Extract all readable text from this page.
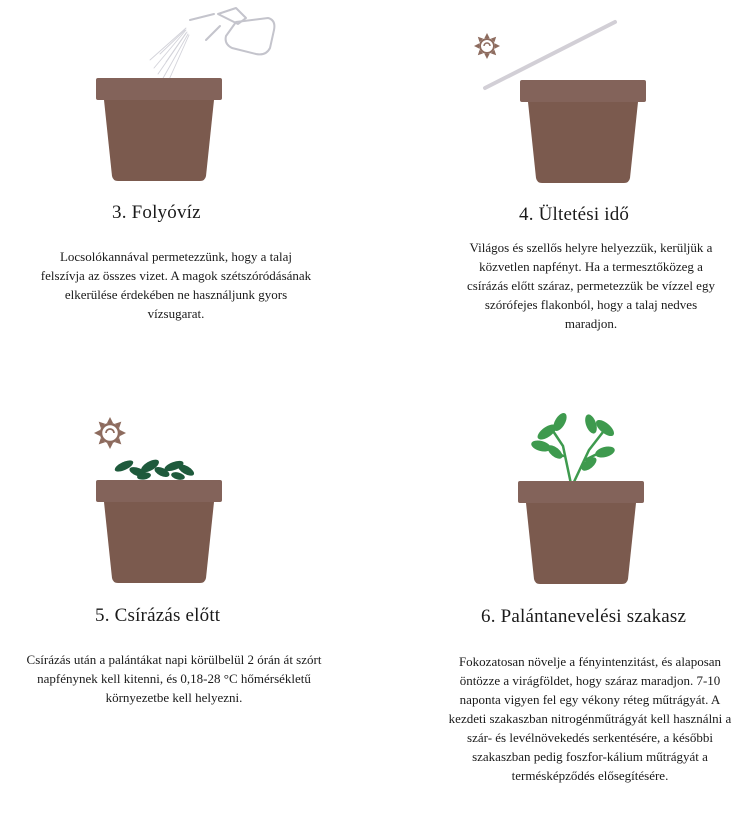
3. Folyóvíz

Locsolókannával permetezzünk, hogy a talaj felszívja az összes vizet. A magok szétszóródásának elkerülése érdekében ne használjunk gyors vízsugarat.

4. Ültetési idő

Világos és szellős helyre helyezzük, kerüljük a közvetlen napfényt. Ha a termesztőközeg a csírázás előtt száraz, permetezzük be vízzel egy szórófejes flakonból, hogy a talaj nedves maradjon.

5. Csírázás előtt

Csírázás után a palántákat napi körülbelül 2 órán át szórt napfénynek kell kitenni, és 0,18-28 °C hőmérsékletű környezetbe kell helyezni.

6. Palántanevelési szakasz

Fokozatosan növelje a fényintenzitást, és alaposan öntözze a virágföldet, hogy száraz maradjon. 7-10 naponta vigyen fel egy vékony réteg műtrágyát. A kezdeti szakaszban nitrogénműtrágyát kell használni a szár- és levélnövekedés serkentésére, a későbbi szakaszban pedig foszfor-kálium műtrágyát a termésképződés elősegítésére.
